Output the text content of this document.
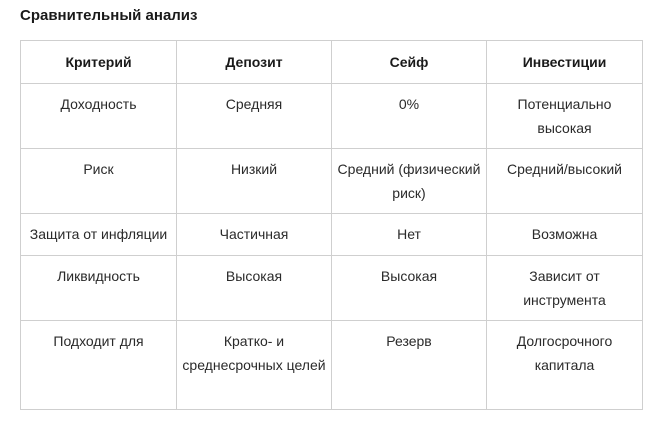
Сравнительный анализ
Критерий	Депозит	Сейф	Инвестиции
Доходность	Средняя	0%	Потенциально высокая
Риск	Низкий	Средний (физический риск)	Средний/высокий
Защита от инфляции	Частичная	Нет	Возможна
Ликвидность	Высокая	Высокая	Зависит от инструмента
Подходит для	Кратко- и среднесрочных целей	Резерв	Долгосрочного капитала
